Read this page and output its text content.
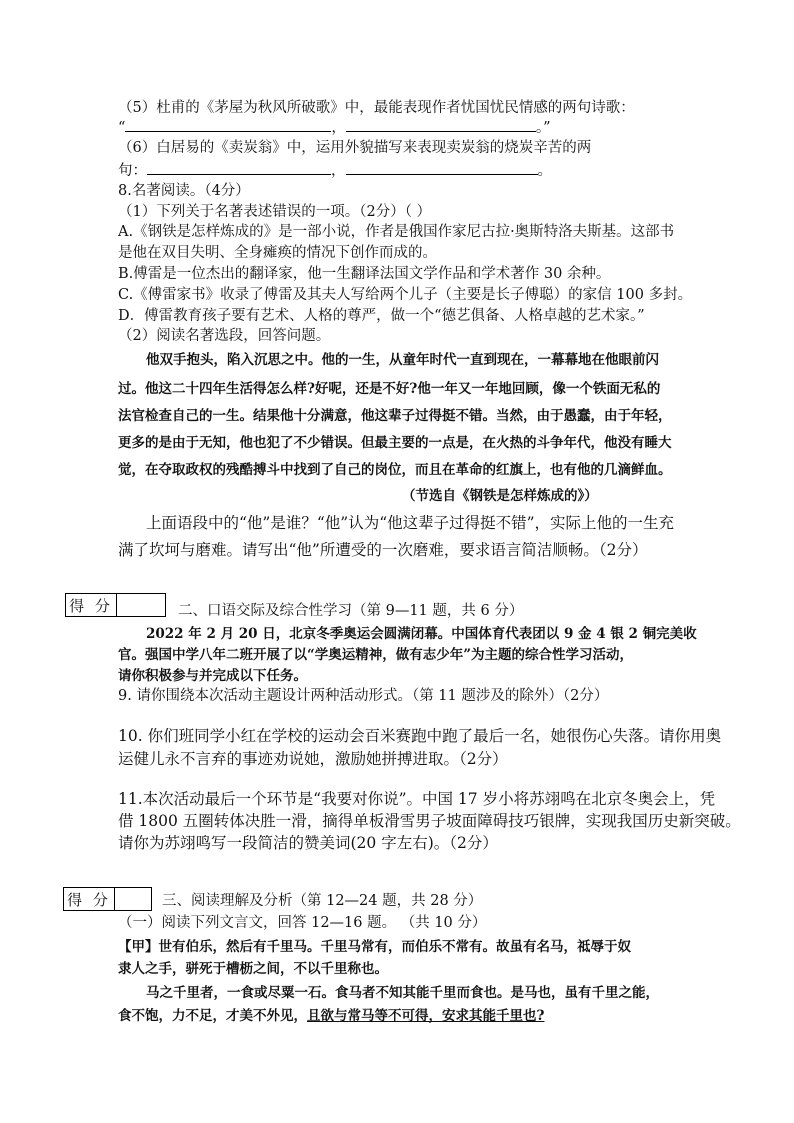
（5）杜甫的《茅屋为秋风所破歌》中，最能表现作者忧国忧民情感的两句诗歌：
“	，	。”
（6）白居易的《卖炭翁》中，运用外貌描写来表现卖炭翁的烧炭辛苦的两
句：	，	。
8.名著阅读。（4分）
（1）下列关于名著表述错误的一项。（2分）（ ）
A.《钢铁是怎样炼成的》是一部小说，作者是俄国作家尼古拉·奥斯特洛夫斯基。这部书
是他在双目失明、全身瘫痪的情况下创作而成的。
B.傅雷是一位杰出的翻译家，他一生翻译法国文学作品和学术著作 30 余种。
C.《傅雷家书》收录了傅雷及其夫人写给两个儿子（主要是长子傅聪）的家信 100 多封。
D．傅雷教育孩子要有艺术、人格的尊严，做一个“德艺俱备、人格卓越的艺术家。”
（2）阅读名著选段，回答问题。
他双手抱头，陷入沉思之中。他的一生，从童年时代一直到现在，一幕幕地在他眼前闪
过。他这二十四年生活得怎么样?好呢，还是不好?他一年又一年地回顾，像一个铁面无私的
法官检查自己的一生。结果他十分满意，他这辈子过得挺不错。当然，由于愚蠢，由于年轻，
更多的是由于无知，他也犯了不少错误。但最主要的一点是，在火热的斗争年代，他没有睡大
觉，在夺取政权的残酷搏斗中找到了自己的岗位，而且在革命的红旗上，也有他的几滴鲜血。
（节选自《钢铁是怎样炼成的》）
上面语段中的“他”是谁？“他”认为“他这辈子过得挺不错”，实际上他的一生充
满了坎坷与磨难。请写出“他”所遭受的一次磨难，要求语言简洁顺畅。（2分）
得 分	二、口语交际及综合性学习（第 9—11 题，共 6 分）
2022 年 2 月 20 日，北京冬季奥运会圆满闭幕。中国体育代表团以 9 金 4 银 2 铜完美收
官。强国中学八年二班开展了以“学奥运精神，做有志少年”为主题的综合性学习活动，
请你积极参与并完成以下任务。
9. 请你围绕本次活动主题设计两种活动形式。（第 11 题涉及的除外）（2分）
10. 你们班同学小红在学校的运动会百米赛跑中跑了最后一名，她很伤心失落。请你用奥
运健儿永不言弃的事迹劝说她，激励她拼搏进取。（2分）
11.本次活动最后一个环节是“我要对你说”。中国 17 岁小将苏翊鸣在北京冬奥会上，凭
借 1800 五圈转体决胜一滑，摘得单板滑雪男子坡面障碍技巧银牌，实现我国历史新突破。
请你为苏翊鸣写一段简洁的赞美词(20 字左右)。（2分）
得 分	三、阅读理解及分析（第 12—24 题，共 28 分）
（一）阅读下列文言文，回答 12—16 题。 （共 10 分）
【甲】世有伯乐，然后有千里马。千里马常有，而伯乐不常有。故虽有名马，祗辱于奴
隶人之手，骈死于槽枥之间，不以千里称也。
马之千里者，一食或尽粟一石。食马者不知其能千里而食也。是马也，虽有千里之能，
食不饱，力不足，才美不外见，且欲与常马等不可得，安求其能千里也?
